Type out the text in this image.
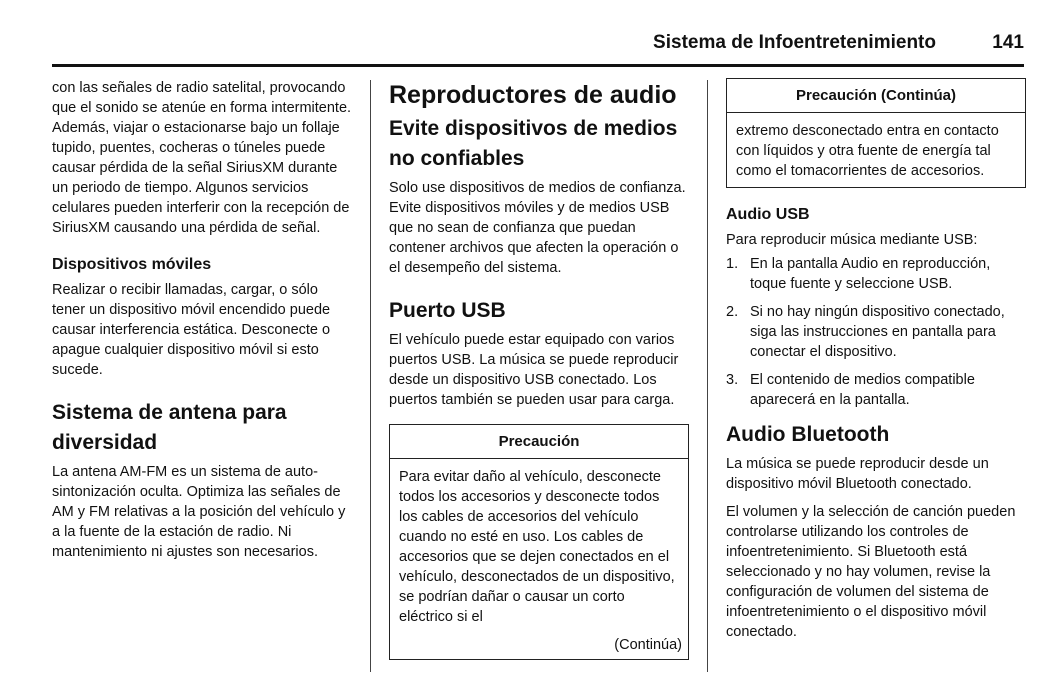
Sistema de Infoentretenimiento	141

con las señales de radio satelital, provocando que el sonido se atenúe en forma intermitente. Además, viajar o estacionarse bajo un follaje tupido, puentes, cocheras o túneles puede causar pérdida de la señal SiriusXM durante un periodo de tiempo. Algunos servicios celulares pueden interferir con la recepción de SiriusXM causando una pérdida de señal.

Dispositivos móviles

Realizar o recibir llamadas, cargar, o sólo tener un dispositivo móvil encendido puede causar interferencia estática. Desconecte o apague cualquier dispositivo móvil si esto sucede.

Sistema de antena para diversidad

La antena AM-FM es un sistema de auto-sintonización oculta. Optimiza las señales de AM y FM relativas a la posición del vehículo y a la fuente de la estación de radio. Ni mantenimiento ni ajustes son necesarios.

Reproductores de audio
Evite dispositivos de medios no confiables

Solo use dispositivos de medios de confianza. Evite dispositivos móviles y de medios USB que no sean de confianza que puedan contener archivos que afecten la operación o el desempeño del sistema.

Puerto USB

El vehículo puede estar equipado con varios puertos USB. La música se puede reproducir desde un dispositivo USB conectado. Los puertos también se pueden usar para carga.

Precaución

Para evitar daño al vehículo, desconecte todos los accesorios y desconecte todos los cables de accesorios del vehículo cuando no esté en uso. Los cables de accesorios que se dejen conectados en el vehículo, desconectados de un dispositivo, se podrían dañar o causar un corto eléctrico si el

(Continúa)
Precaución (Continúa)

extremo desconectado entra en contacto con líquidos y otra fuente de energía tal como el tomacorrientes de accesorios.

Audio USB

Para reproducir música mediante USB:

1. En la pantalla Audio en reproducción, toque fuente y seleccione USB.
2. Si no hay ningún dispositivo conectado, siga las instrucciones en pantalla para conectar el dispositivo.
3. El contenido de medios compatible aparecerá en la pantalla.
Audio Bluetooth

La música se puede reproducir desde un dispositivo móvil Bluetooth conectado.

El volumen y la selección de canción pueden controlarse utilizando los controles de infoentretenimiento. Si Bluetooth está seleccionado y no hay volumen, revise la configuración de volumen del sistema de infoentretenimiento o el dispositivo móvil conectado.
